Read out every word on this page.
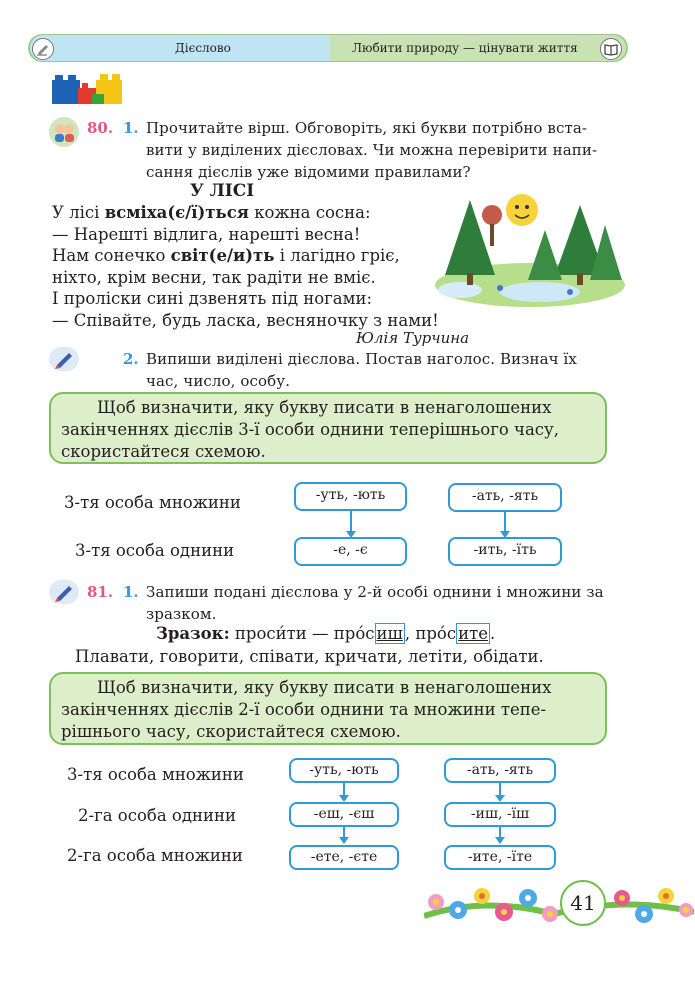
Дієслово	Любити природу — цінувати життя
80. 1. Прочитайте вірш. Обговоріть, які букви потрібно вста-
вити у виділених дієсловах. Чи можна перевірити напи-
сання дієслів уже відомими правилами?
У ЛІСІ
У лісі всміха(є/ї)ться кожна сосна:
— Нарешті відлига, нарешті весна!
Нам сонечко світ(е/и)ть і лагідно гріє,
ніхто, крім весни, так радіти не вміє.
І проліски сині дзвенять під ногами:
— Співайте, будь ласка, весняночку з нами!
Юлія Турчина
2. Випиши виділені дієслова. Постав наголос. Визнач їх
час, число, особу.
Щоб визначити, яку букву писати в ненаголошених
закінченнях дієслів 3-ї особи однини теперішнього часу,
скористайтеся схемою.
3-тя особа множини
3-тя особа однини
-уть, -ють
-е, -є
-ать, -ять
-ить, -їть
81. 1. Запиши подані дієслова у 2-й особі однини і множини за
зразком.
Зразок: проси́ти — про́с иш , про́с ите .
Плавати, говорити, співати, кричати, летіти, обідати.
Щоб визначити, яку букву писати в ненаголошених
закінченнях дієслів 2-ї особи однини та множини тепе-
рішнього часу, скористайтеся схемою.
3-тя особа множини
2-га особа однини
2-га особа множини
-уть, -ють
-еш, -єш
-ете, -єте
-ать, -ять
-иш, -їш
-ите, -їте
41
